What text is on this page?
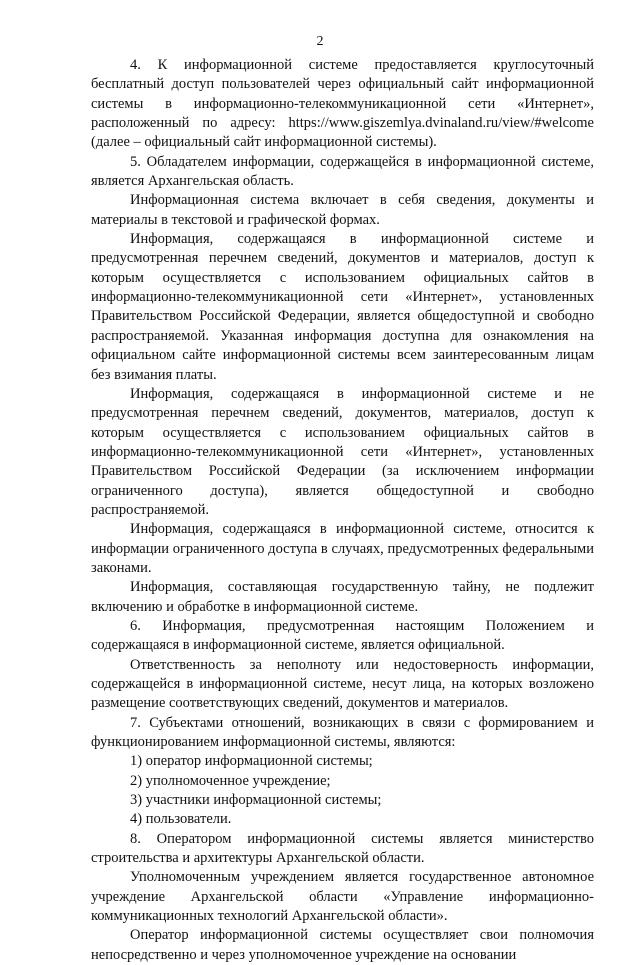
2

4. К информационной системе предоставляется круглосуточный бесплатный доступ пользователей через официальный сайт информационной системы в информационно-телекоммуникационной сети «Интернет», расположенный по адресу: https://www.giszemlya.dvinaland.ru/view/#welcome (далее – официальный сайт информационной системы).

5. Обладателем информации, содержащейся в информационной системе, является Архангельская область.

Информационная система включает в себя сведения, документы и материалы в текстовой и графической формах.

Информация, содержащаяся в информационной системе и предусмотренная перечнем сведений, документов и материалов, доступ к которым осуществляется с использованием официальных сайтов в информационно-телекоммуникационной сети «Интернет», установленных Правительством Российской Федерации, является общедоступной и свободно распространяемой. Указанная информация доступна для ознакомления на официальном сайте информационной системы всем заинтересованным лицам без взимания платы.

Информация, содержащаяся в информационной системе и не предусмотренная перечнем сведений, документов, материалов, доступ к которым осуществляется с использованием официальных сайтов в информационно-телекоммуникационной сети «Интернет», установленных Правительством Российской Федерации (за исключением информации ограниченного доступа), является общедоступной и свободно распространяемой.

Информация, содержащаяся в информационной системе, относится к информации ограниченного доступа в случаях, предусмотренных федеральными законами.

Информация, составляющая государственную тайну, не подлежит включению и обработке в информационной системе.

6. Информация, предусмотренная настоящим Положением и содержащаяся в информационной системе, является официальной.

Ответственность за неполноту или недостоверность информации, содержащейся в информационной системе, несут лица, на которых возложено размещение соответствующих сведений, документов и материалов.

7. Субъектами отношений, возникающих в связи с формированием и функционированием информационной системы, являются:

1) оператор информационной системы;

2) уполномоченное учреждение;

3) участники информационной системы;

4) пользователи.

8. Оператором информационной системы является министерство строительства и архитектуры Архангельской области.

Уполномоченным учреждением является государственное автономное учреждение Архангельской области «Управление информационно-коммуникационных технологий Архангельской области».

Оператор информационной системы осуществляет свои полномочия непосредственно и через уполномоченное учреждение на основании
